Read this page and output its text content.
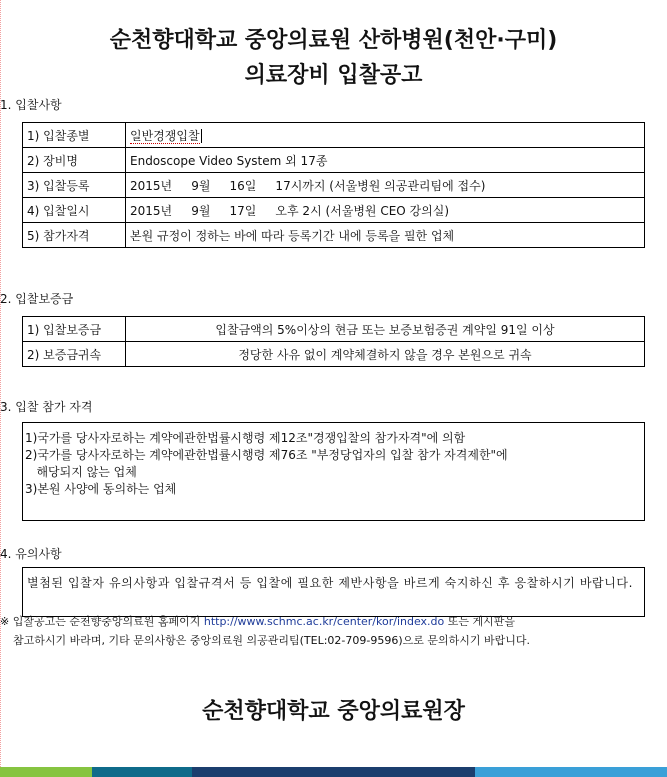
순천향대학교 중앙의료원 산하병원(천안·구미)
의료장비 입찰공고
1. 입찰사항
1) 입찰종별	일반경쟁입찰
2) 장비명	Endoscope Video System 외 17종
3) 입찰등록	2015년     9월     16일     17시까지 (서울병원 의공관리팀에 접수)
4) 입찰일시	2015년     9월     17일     오후 2시 (서울병원 CEO 강의실)
5) 참가자격	본원 규정이 정하는 바에 따라 등록기간 내에 등록을 필한 업체
2. 입찰보증금
1) 입찰보증금	입찰금액의 5%이상의 현금 또는 보증보험증권 계약일 91일 이상
2) 보증금귀속	정당한 사유 없이 계약체결하지 않을 경우 본원으로 귀속
3. 입찰 참가 자격
1)국가를 당사자로하는 계약에관한법률시행령 제12조"경쟁입찰의 참가자격"에 의함
2)국가를 당사자로하는 계약에관한법률시행령 제76조 "부정당업자의 입찰 참가 자격제한"에
해당되지 않는 업체
3)본원 사양에 동의하는 업체
4. 유의사항
별첨된 입찰자 유의사항과 입찰규격서 등 입찰에 필요한 제반사항을 바르게 숙지하신 후 응찰하시기 바랍니다.
※ 입찰공고는 순천향중앙의료원 홈페이지 http://www.schmc.ac.kr/center/kor/index.do 또는 게시판을
참고하시기 바라며, 기타 문의사항은 중앙의료원 의공관리팀(TEL:02-709-9596)으로 문의하시기 바랍니다.
순천향대학교 중앙의료원장
